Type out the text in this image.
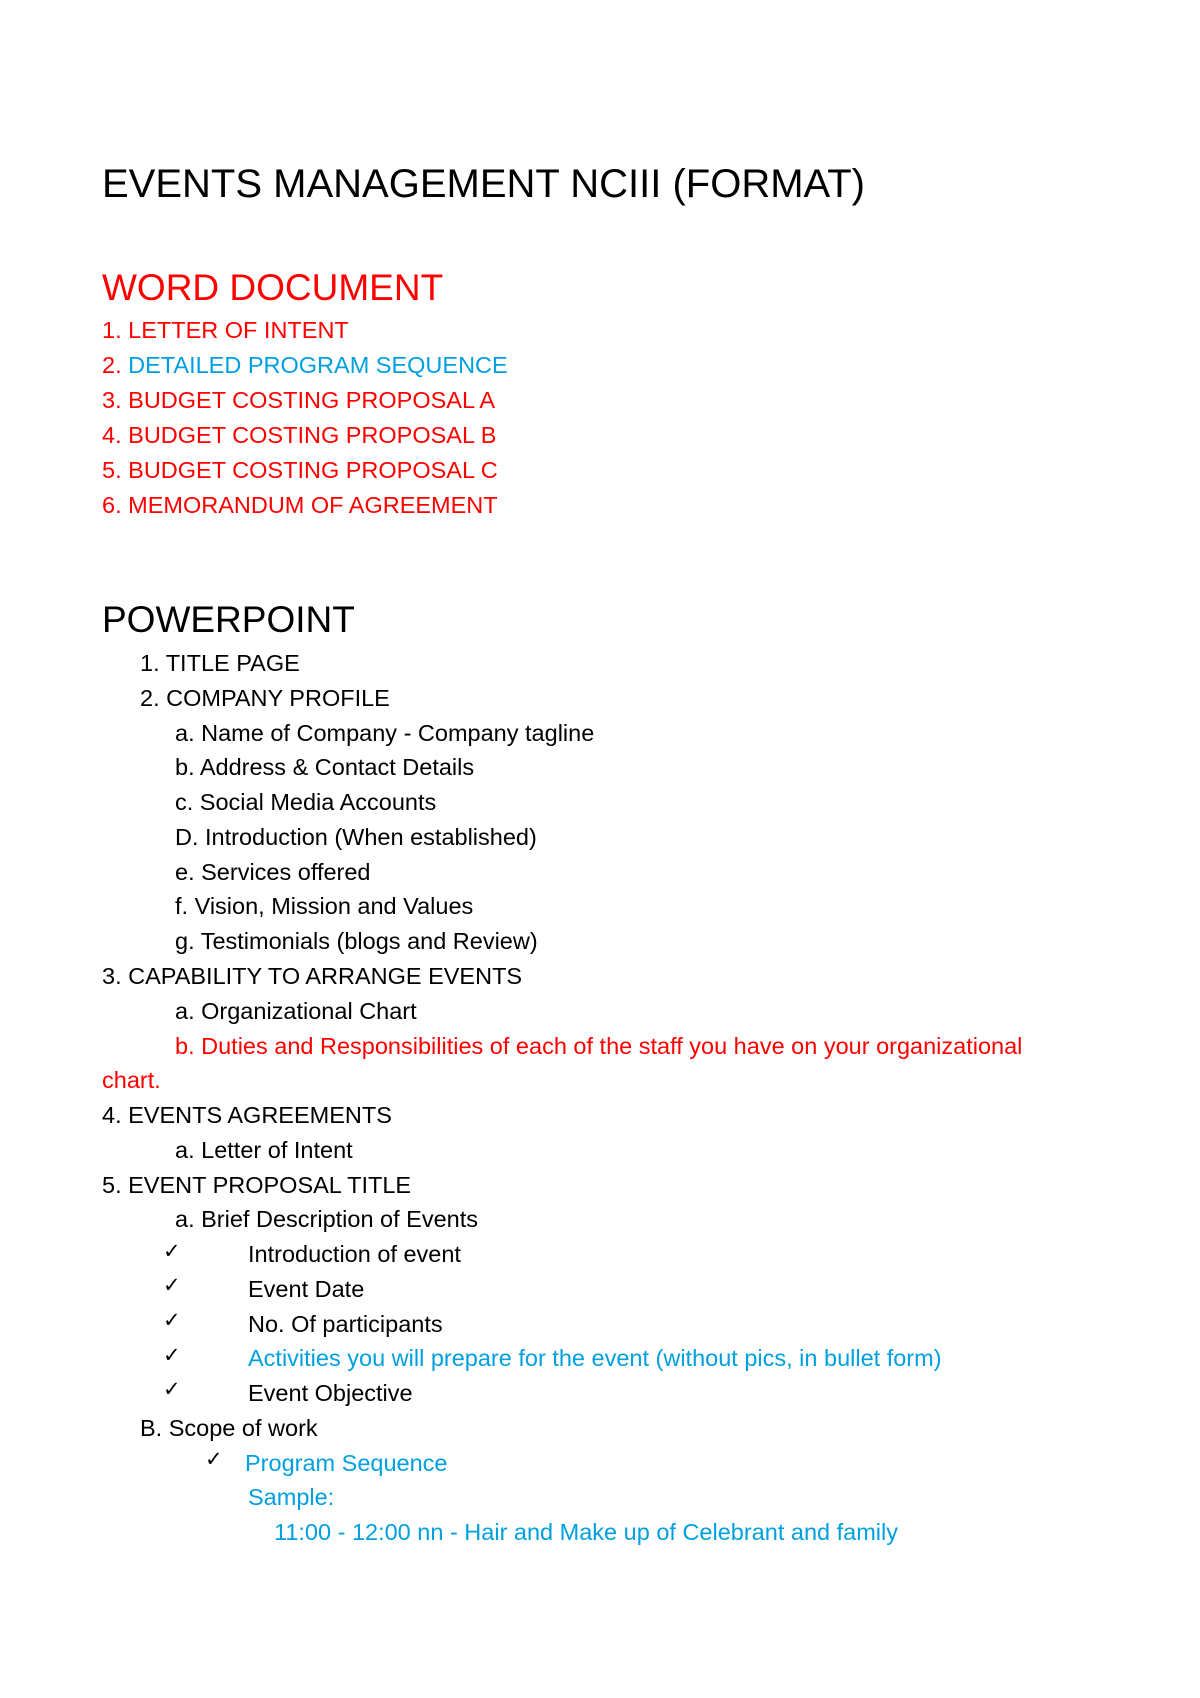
EVENTS MANAGEMENT NCIII (FORMAT)
WORD DOCUMENT
1. LETTER OF INTENT
2. DETAILED PROGRAM SEQUENCE
3. BUDGET COSTING PROPOSAL A
4. BUDGET COSTING PROPOSAL B
5. BUDGET COSTING PROPOSAL C
6. MEMORANDUM OF AGREEMENT
POWERPOINT
1. TITLE PAGE
2. COMPANY PROFILE
a. Name of Company - Company tagline
b. Address & Contact Details
c. Social Media Accounts
D. Introduction (When established)
e. Services offered
f. Vision, Mission and Values
g. Testimonials (blogs and Review)
3. CAPABILITY TO ARRANGE EVENTS
a. Organizational Chart
b. Duties and Responsibilities of each of the staff you have on your organizational
chart.
4. EVENTS AGREEMENTS
a. Letter of Intent
5. EVENT PROPOSAL TITLE
a. Brief Description of Events
✓	Introduction of event
✓	Event Date
✓	No. Of participants
✓	Activities you will prepare for the event (without pics, in bullet form)
✓	Event Objective
B. Scope of work
✓ Program Sequence
Sample:
11:00 - 12:00 nn - Hair and Make up of Celebrant and family
